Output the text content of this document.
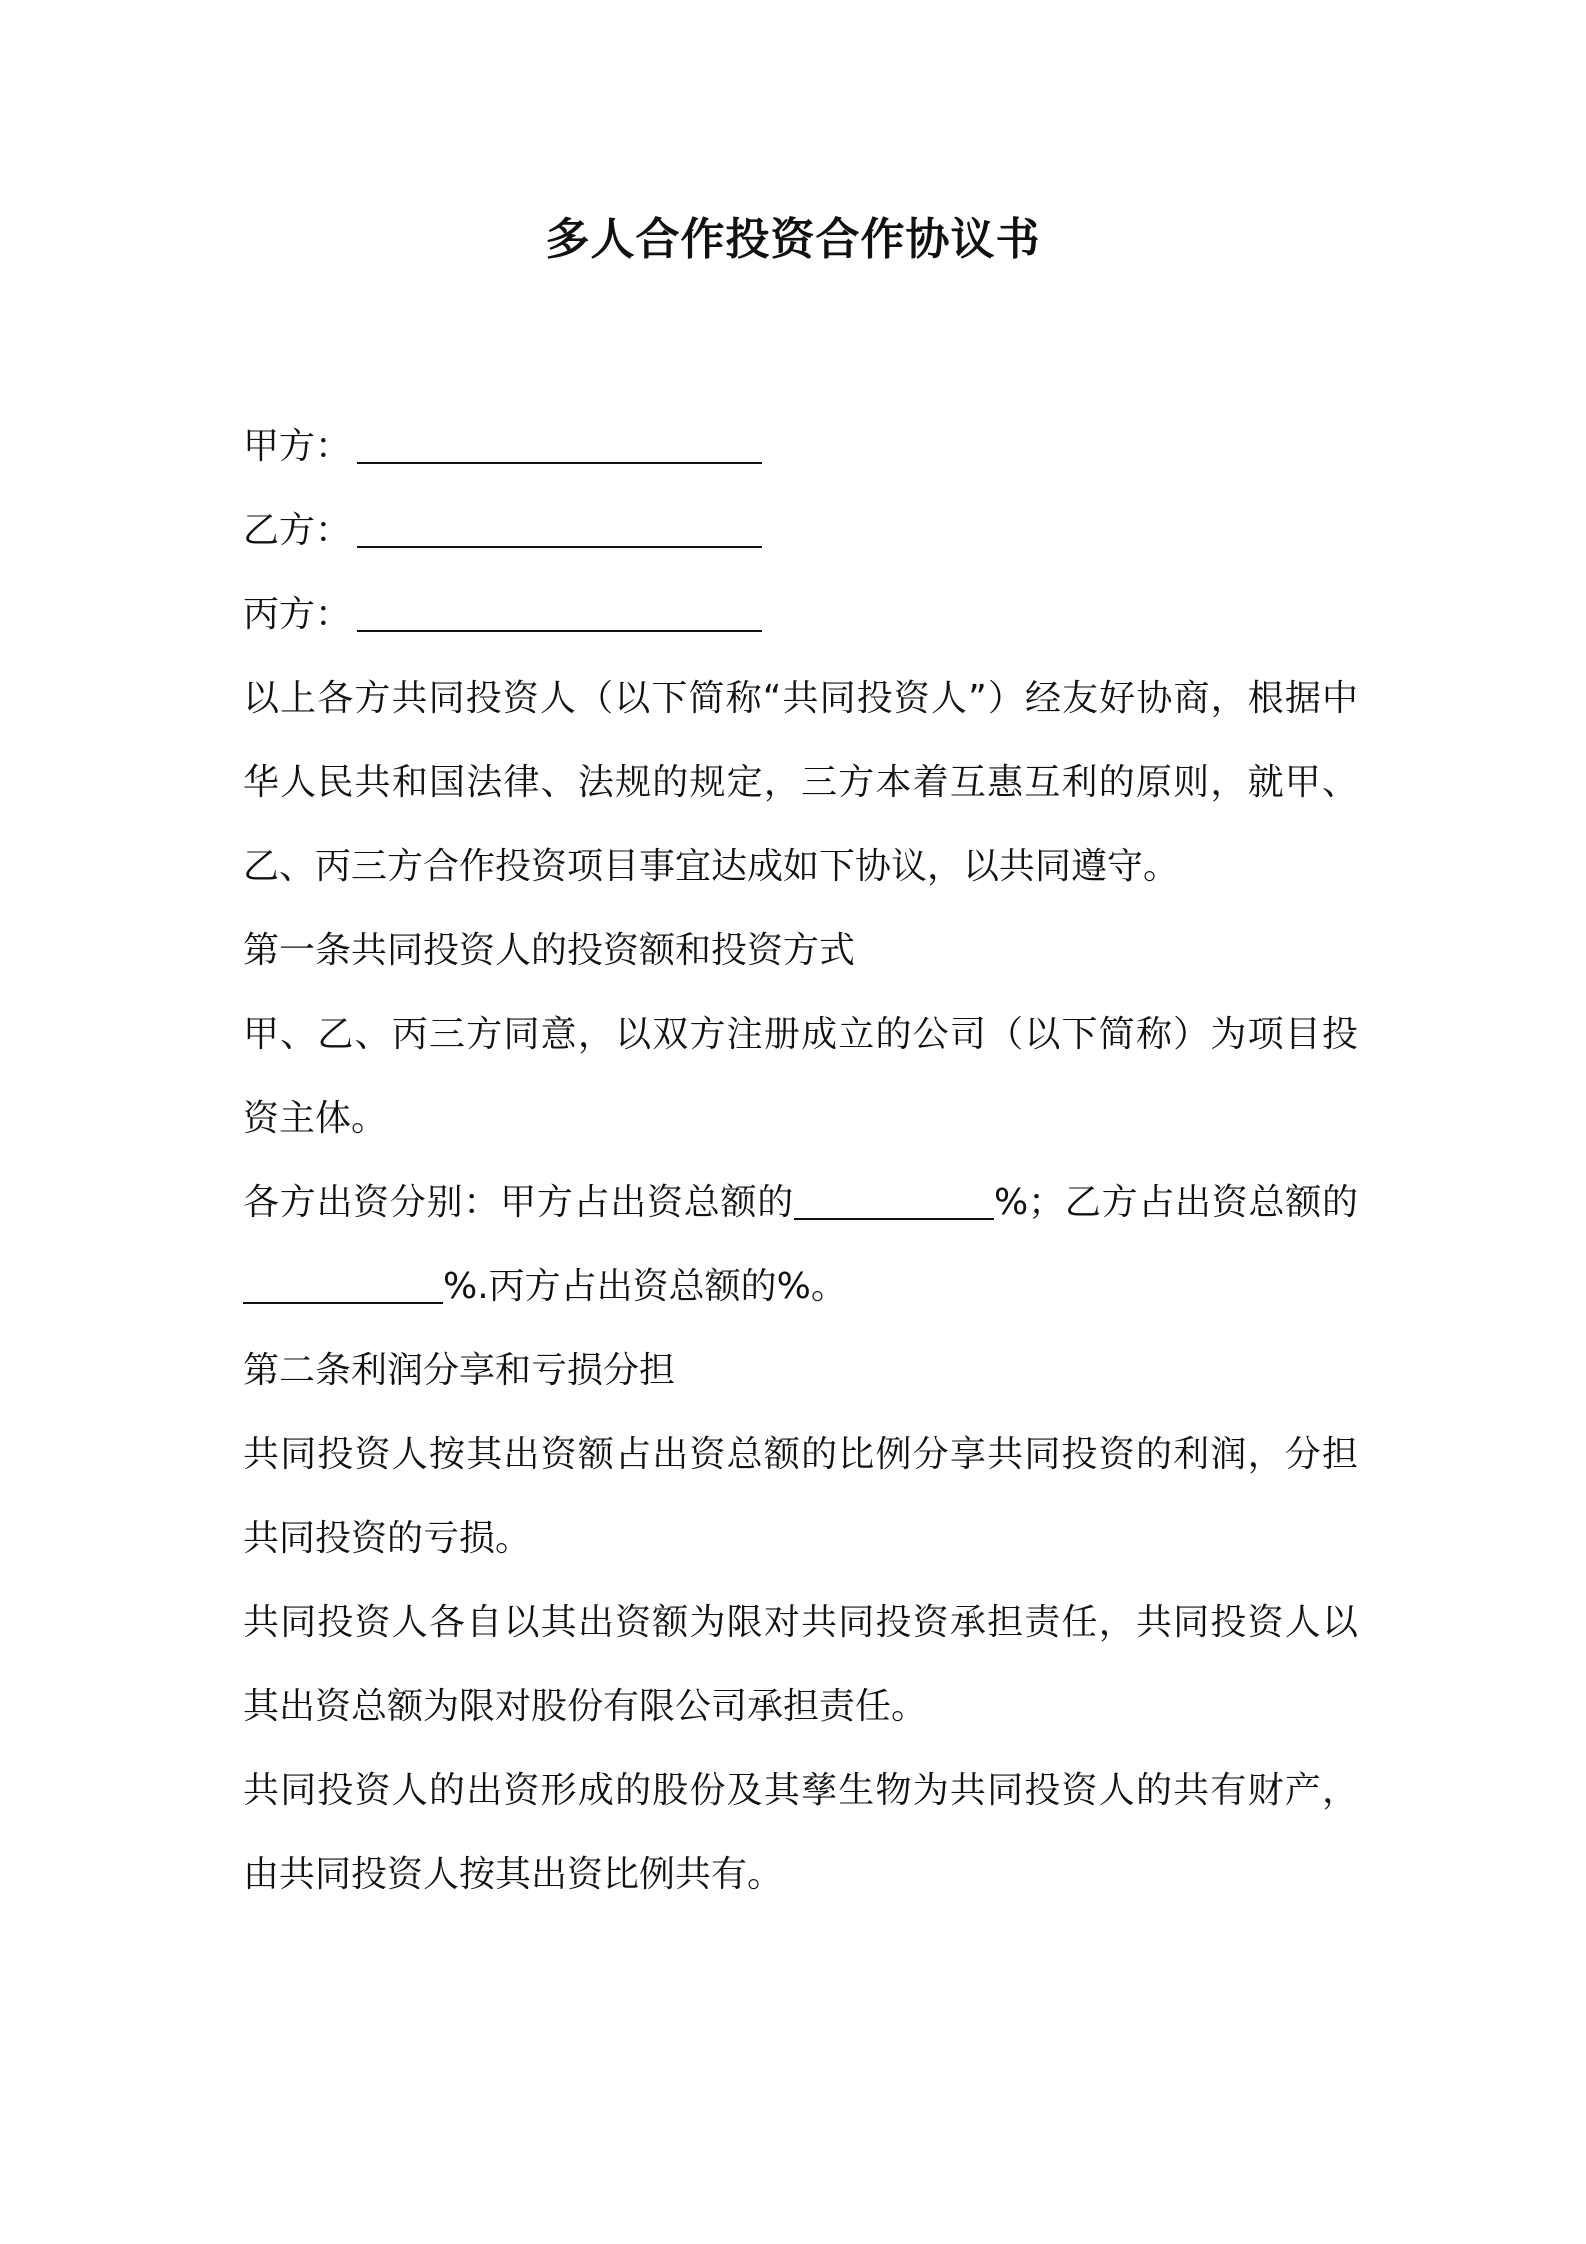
多人合作投资合作协议书

甲方：

乙方：

丙方：

以上各方共同投资人（以下简称“共同投资人”）经友好协商，根据中华人民共和国法律、法规的规定，三方本着互惠互利的原则，就甲、乙、丙三方合作投资项目事宜达成如下协议，以共同遵守。

第一条共同投资人的投资额和投资方式

甲、乙、丙三方同意，以双方注册成立的公司（以下简称）为项目投资主体。

各方出资分别：甲方占出资总额的	%；乙方占出资总额的%.丙方占出资总额的%。

第二条利润分享和亏损分担

共同投资人按其出资额占出资总额的比例分享共同投资的利润，分担共同投资的亏损。

共同投资人各自以其出资额为限对共同投资承担责任，共同投资人以其出资总额为限对股份有限公司承担责任。

共同投资人的出资形成的股份及其孳生物为共同投资人的共有财产，由共同投资人按其出资比例共有。
